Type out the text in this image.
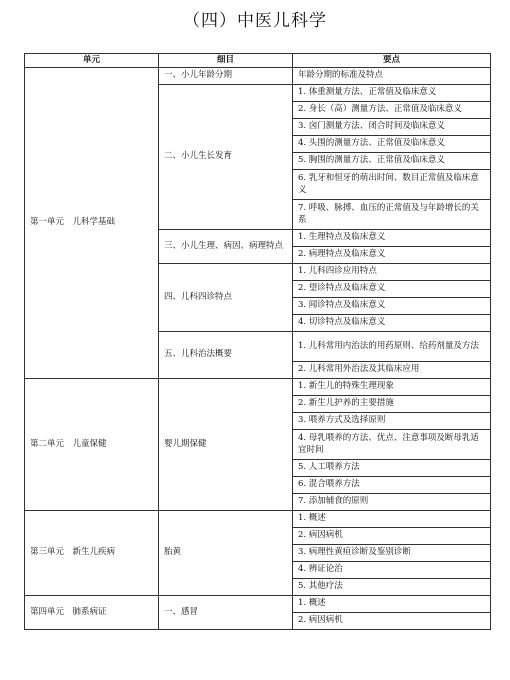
（四）中医儿科学
单元	细目	要点
第一单元　儿科学基础	一、小儿年龄分期	年龄分期的标准及特点
	二、小儿生长发育	1. 体重测量方法、正常值及临床意义
		2. 身长（高）测量方法、正常值及临床意义
		3. 囟门测量方法、闭合时间及临床意义
		4. 头围的测量方法、正常值及临床意义
		5. 胸围的测量方法、正常值及临床意义
		6. 乳牙和恒牙的萌出时间、数目正常值及临床意义
		7. 呼吸、脉搏、血压的正常值及与年龄增长的关系
	三、小儿生理、病因、病理特点	1. 生理特点及临床意义
		2. 病理特点及临床意义
	四、儿科四诊特点	1. 儿科四诊应用特点
		2. 望诊特点及临床意义
		3. 闻诊特点及临床意义
		4. 切诊特点及临床意义
	五、儿科治法概要	1. 儿科常用内治法的用药原则、给药剂量及方法
		2. 儿科常用外治法及其临床应用
第二单元　儿童保健	婴儿期保健	1. 新生儿的特殊生理现象
		2. 新生儿护养的主要措施
		3. 喂养方式及选择原则
		4. 母乳喂养的方法、优点、注意事项及断母乳适宜时间
		5. 人工喂养方法
		6. 混合喂养方法
		7. 添加辅食的原则
第三单元　新生儿疾病	胎黄	1. 概述
		2. 病因病机
		3. 病理性黄疸诊断及鉴别诊断
		4. 辨证论治
		5. 其他疗法
第四单元　肺系病证	一、感冒	1. 概述
		2. 病因病机
